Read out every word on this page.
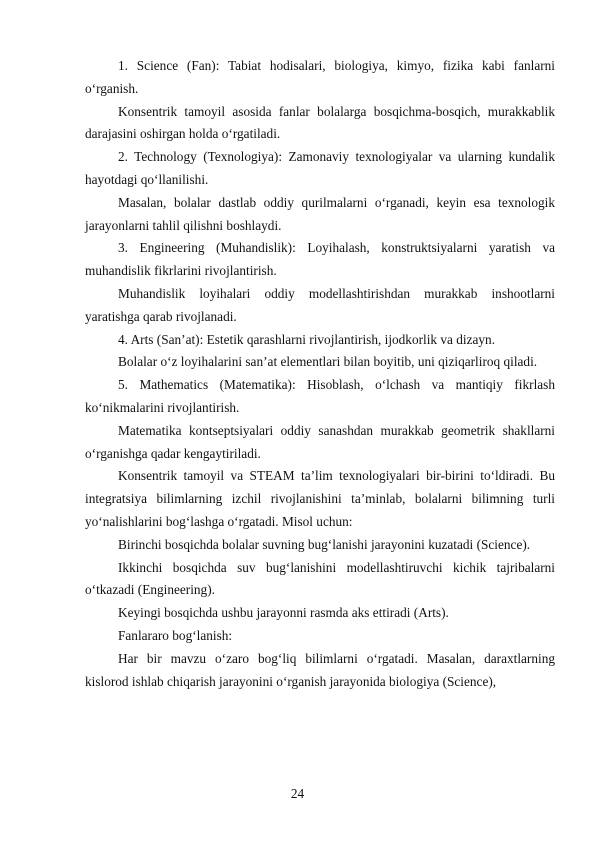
1. Science (Fan): Tabiat hodisalari, biologiya, kimyo, fizika kabi fanlarni o‘rganish.

Konsentrik tamoyil asosida fanlar bolalarga bosqichma-bosqich, murakkablik darajasini oshirgan holda o‘rgatiladi.

2. Technology (Texnologiya): Zamonaviy texnologiyalar va ularning kundalik hayotdagi qo‘llanilishi.

Masalan, bolalar dastlab oddiy qurilmalarni o‘rganadi, keyin esa texnologik jarayonlarni tahlil qilishni boshlaydi.

3. Engineering (Muhandislik): Loyihalash, konstruktsiyalarni yaratish va muhandislik fikrlarini rivojlantirish.

Muhandislik loyihalari oddiy modellashtirishdan murakkab inshootlarni yaratishga qarab rivojlanadi.

4. Arts (San’at): Estetik qarashlarni rivojlantirish, ijodkorlik va dizayn.

Bolalar o‘z loyihalarini san’at elementlari bilan boyitib, uni qiziqarliroq qiladi.

5. Mathematics (Matematika): Hisoblash, o‘lchash va mantiqiy fikrlash ko‘nikmalarini rivojlantirish.

Matematika kontseptsiyalari oddiy sanashdan murakkab geometrik shakllarni o‘rganishga qadar kengaytiriladi.

Konsentrik tamoyil va STEAM ta’lim texnologiyalari bir-birini to‘ldiradi. Bu integratsiya bilimlarning izchil rivojlanishini ta’minlab, bolalarni bilimning turli yo‘nalishlarini bog‘lashga o‘rgatadi. Misol uchun:

Birinchi bosqichda bolalar suvning bug‘lanishi jarayonini kuzatadi (Science).

Ikkinchi bosqichda suv bug‘lanishini modellashtiruvchi kichik tajribalarni o‘tkazadi (Engineering).

Keyingi bosqichda ushbu jarayonni rasmda aks ettiradi (Arts).

Fanlararo bog‘lanish:

Har bir mavzu o‘zaro bog‘liq bilimlarni o‘rgatadi. Masalan, daraxtlarning kislorod ishlab chiqarish jarayonini o‘rganish jarayonida biologiya (Science),

24
